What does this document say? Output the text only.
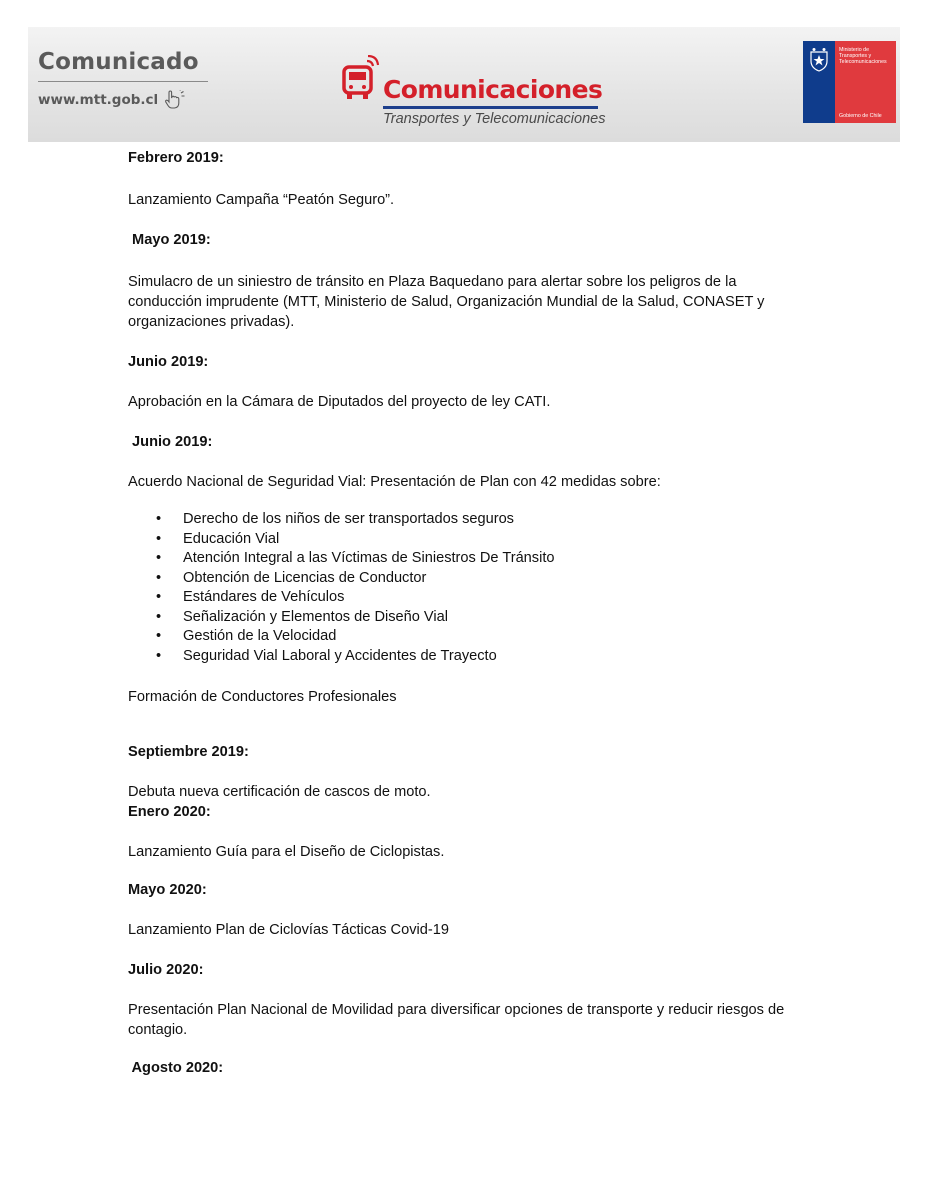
Comunicado
www.mtt.gob.cl	Comunicaciones
Transportes y Telecomunicaciones
Ministerio de
Transportes y
Telecomunicaciones
Gobierno de Chile

Febrero 2019:

Lanzamiento Campaña “Peatón Seguro”.

Mayo 2019:

Simulacro de un siniestro de tránsito en Plaza Baquedano para alertar sobre los peligros de la conducción imprudente (MTT, Ministerio de Salud, Organización Mundial de la Salud, CONASET y organizaciones privadas).

Junio 2019:

Aprobación en la Cámara de Diputados del proyecto de ley CATI.

Junio 2019:

Acuerdo Nacional de Seguridad Vial: Presentación de Plan con 42 medidas sobre:

• Derecho de los niños de ser transportados seguros
• Educación Vial
• Atención Integral a las Víctimas de Siniestros De Tránsito
• Obtención de Licencias de Conductor
• Estándares de Vehículos
• Señalización y Elementos de Diseño Vial
• Gestión de la Velocidad
• Seguridad Vial Laboral y Accidentes de Trayecto

Formación de Conductores Profesionales

Septiembre 2019:

Debuta nueva certificación de cascos de moto.

Enero 2020:

Lanzamiento Guía para el Diseño de Ciclopistas.

Mayo 2020:

Lanzamiento Plan de Ciclovías Tácticas Covid-19

Julio 2020:

Presentación Plan Nacional de Movilidad para diversificar opciones de transporte y reducir riesgos de contagio.

Agosto 2020:
